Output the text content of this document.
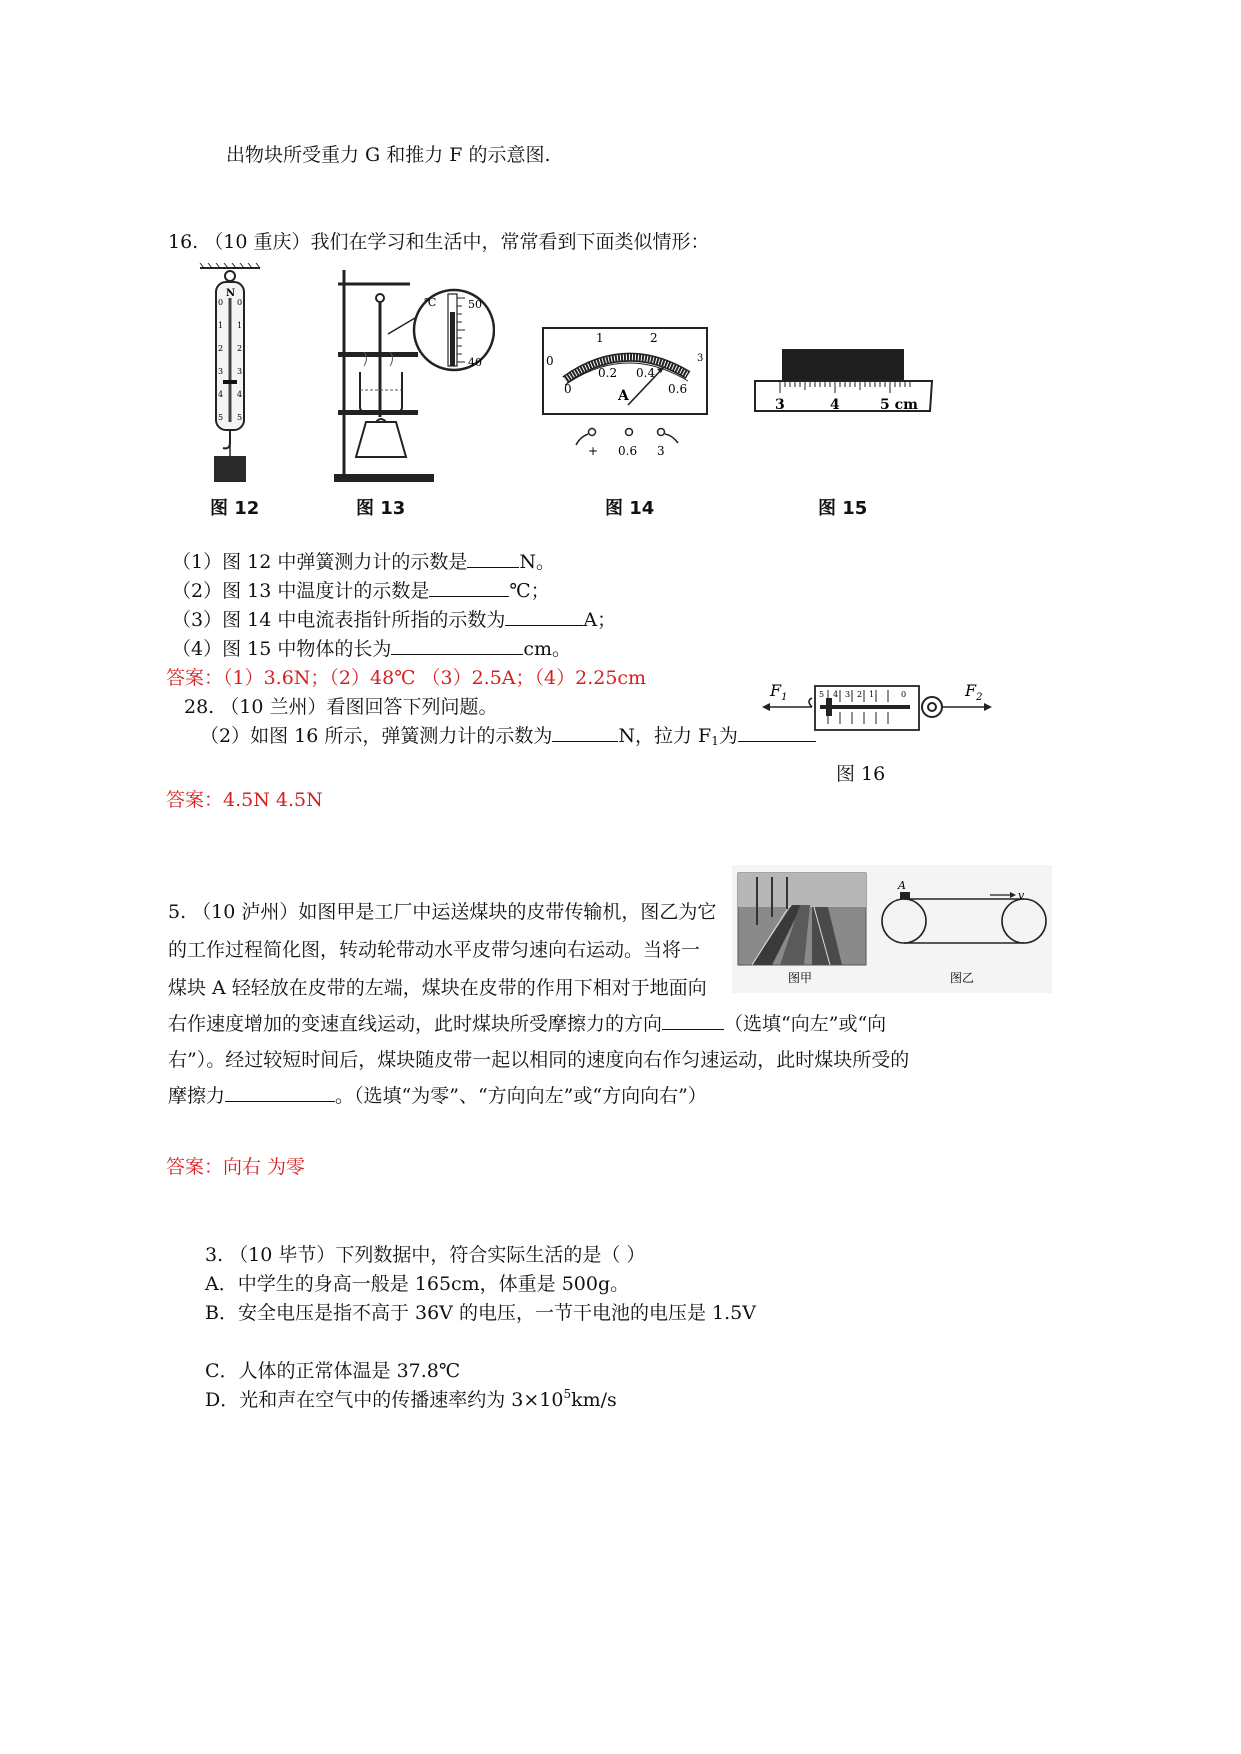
出物块所受重力 G 和推力 F 的示意图.
16. （10 重庆）我们在学习和生活中，常常看到下面类似情形：
N
0
1
2
3
4
5
0
1
2
3
4
5
图 12
℃	50
40
图 13
1	2
3
0
0
0.2 0.4
0.6
A
+ 0.6 3
图 14
3	4	5 cm
图 15
（1）图 12 中弹簧测力计的示数是	N。
（2）图 13 中温度计的示数是	℃；
（3）图 14 中电流表指针所指的示数为	A；
（4）图 15 中物体的长为	cm。
答案：（1）3.6N；（2）48℃ （3）2.5A；（4）2.25cm
28. （10 兰州）看图回答下列问题。
（2）如图 16 所示，弹簧测力计的示数为	N，拉力 $F_1$为
$F_1$	$F_2$
5 4 3 2 1	0
图 16
答案：4.5N 4.5N
5. （10 泸州）如图甲是工厂中运送煤块的皮带传输机，图乙为它
的工作过程简化图，转动轮带动水平皮带匀速向右运动。当将一
煤块 A 轻轻放在皮带的左端，煤块在皮带的作用下相对于地面向
右作速度增加的变速直线运动，此时煤块所受摩擦力的方向	（选填“向左”或“向
右”）。经过较短时间后，煤块随皮带一起以相同的速度向右作匀速运动，此时煤块所受的
摩擦力	。（选填“为零”、“方向向左”或“方向向右”）
图甲
A
v
图乙
答案：向右 为零
3. （10 毕节）下列数据中，符合实际生活的是（ ）
A．中学生的身高一般是 165cm，体重是 500g。
B．安全电压是指不高于 36V 的电压，一节干电池的电压是 1.5V
C．人体的正常体温是 37.8℃
D．光和声在空气中的传播速率约为 $3\times 10^5km/s$
